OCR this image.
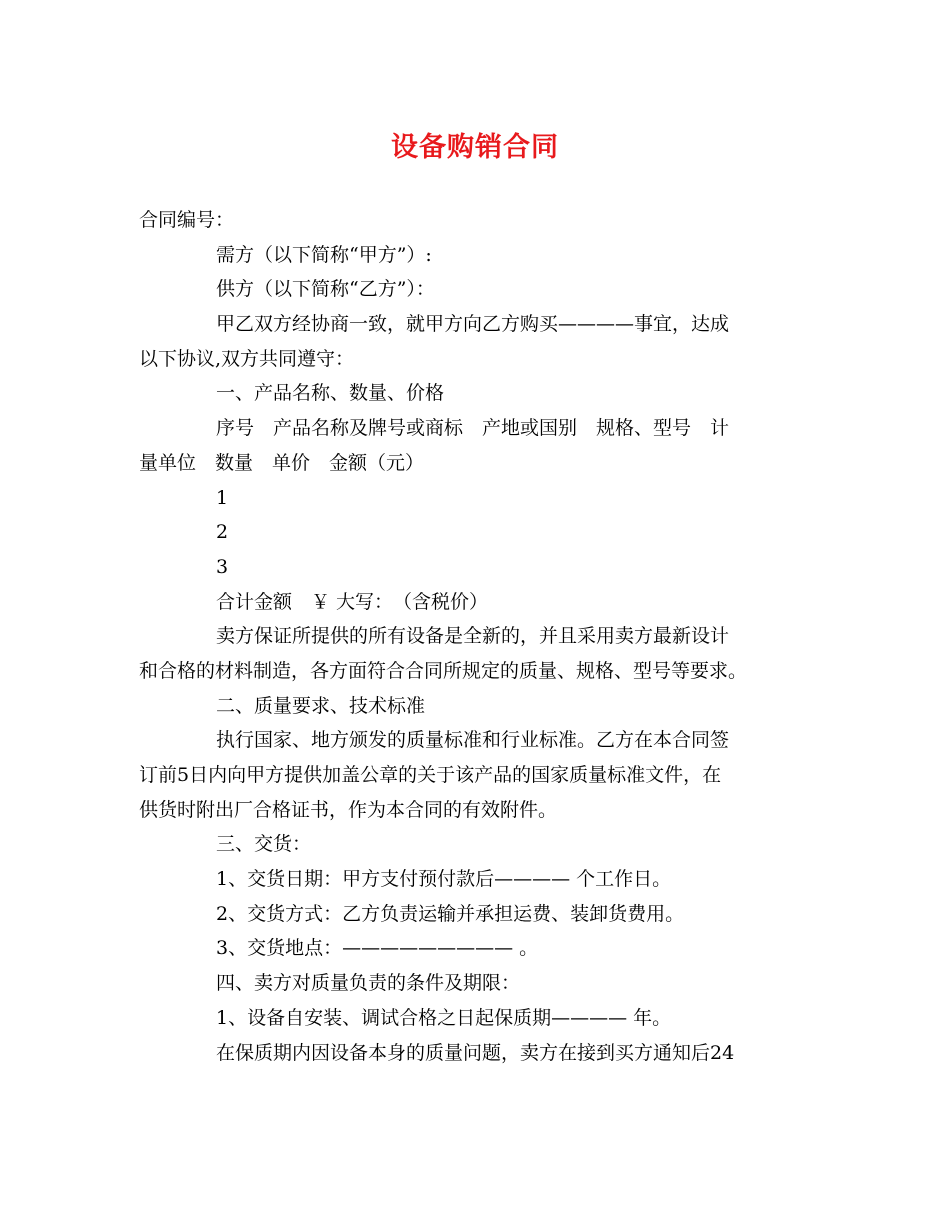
设备购销合同
合同编号：
需方（以下简称“甲方”）:
供方（以下简称“乙方”）：
甲乙双方经协商一致，就甲方向乙方购买————事宜，达成
以下协议,双方共同遵守：
一、产品名称、数量、价格
序号　产品名称及牌号或商标　产地或国别　规格、型号　计
量单位　数量　单价　金额（元）
1
2
3
合计金额　￥ 大写：　（含税价）
卖方保证所提供的所有设备是全新的，并且采用卖方最新设计
和合格的材料制造，各方面符合合同所规定的质量、规格、型号等要求。
二、质量要求、技术标准
执行国家、地方颁发的质量标准和行业标准。乙方在本合同签
订前5日内向甲方提供加盖公章的关于该产品的国家质量标准文件，在
供货时附出厂合格证书，作为本合同的有效附件。
三、交货：
1、交货日期：甲方支付预付款后———— 个工作日。
2、交货方式：乙方负责运输并承担运费、装卸货费用。
3、交货地点：————————— 。
四、卖方对质量负责的条件及期限：
1、设备自安装、调试合格之日起保质期———— 年。
在保质期内因设备本身的质量问题，卖方在接到买方通知后24
